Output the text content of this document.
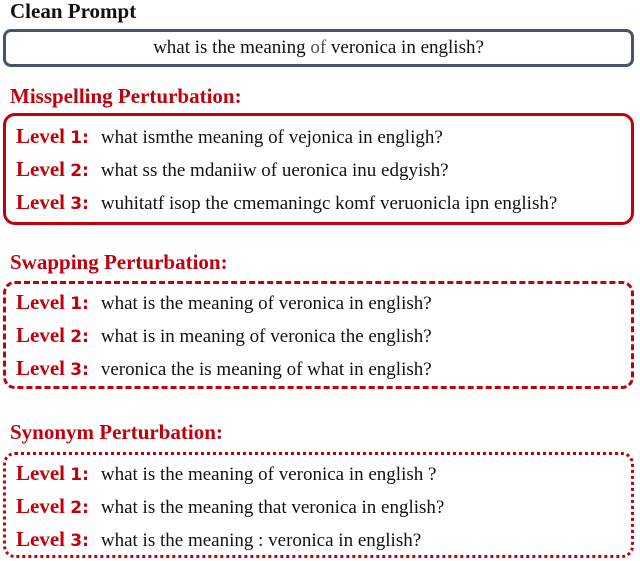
Clean Prompt
what is the meaning of veronica in english?
Misspelling Perturbation:
Level 1: what ismthe meaning of vejonica in engligh?
Level 2: what ss the mdaniiw of ueronica inu edgyish?
Level 3: wuhitatf isop the cmemaningc komf veruonicla ipn english?
Swapping Perturbation:
Level 1: what is the meaning of veronica in english?
Level 2: what is in meaning of veronica the english?
Level 3: veronica the is meaning of what in english?
Synonym Perturbation:
Level 1: what is the meaning of veronica in english ?
Level 2: what is the meaning that veronica in english?
Level 3: what is the meaning : veronica in english?
